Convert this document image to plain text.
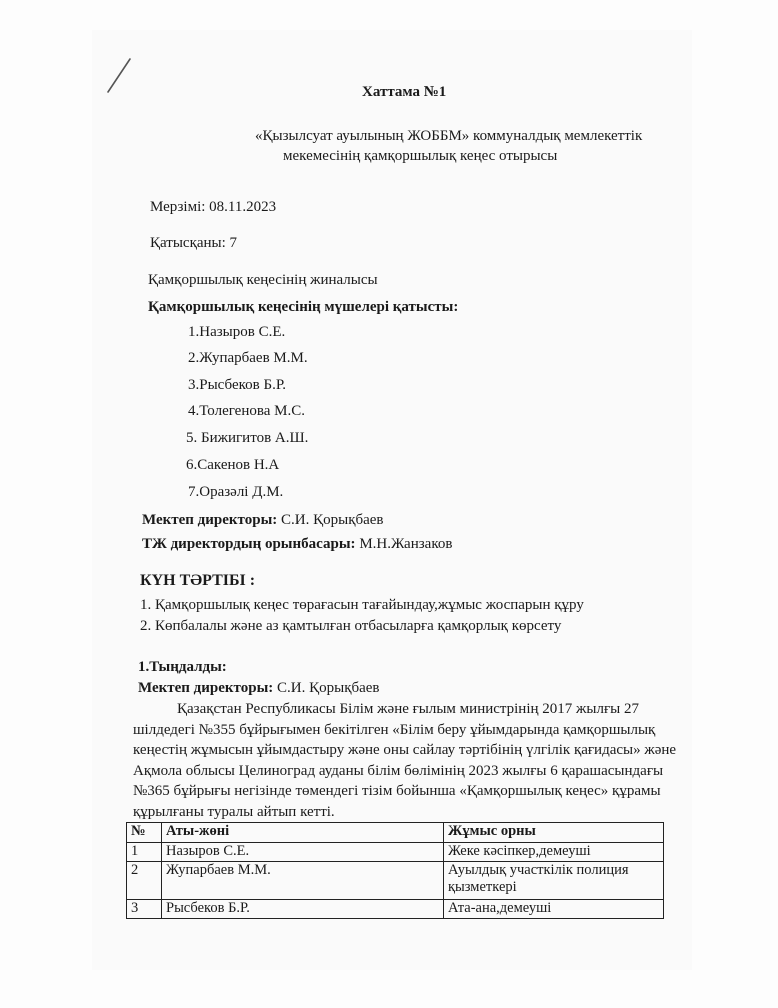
Хаттама №1
«Қызылсуат ауылының ЖОББМ» коммуналдық мемлекеттік
мекемесінің қамқоршылық кеңес отырысы
Мерзімі: 08.11.2023
Қатысқаны: 7
Қамқоршылық кеңесінің жиналысы
Қамқоршылық кеңесінің мүшелері қатысты:
1.Назыров С.Е.
2.Жупарбаев М.М.
3.Рысбеков Б.Р.
4.Толегенова М.С.
5. Бижигитов А.Ш.
6.Сакенов Н.А
7.Оразәлі Д.М.
Мектеп директоры: С.И. Қорықбаев
ТЖ директордың орынбасары: М.Н.Жанзаков
КҮН ТӘРТІБІ :
1. Қамқоршылық кеңес төрағасын тағайындау,жұмыс жоспарын құру
2. Көпбалалы және аз қамтылған отбасыларға қамқорлық көрсету
1.Тыңдалды:
Мектеп директоры: С.И. Қорықбаев
Қазақстан Республикасы Білім және ғылым министрінің 2017 жылғы 27
шілдедегі №355 бұйрығымен бекітілген «Білім беру ұйымдарында қамқоршылық
кеңестің жұмысын ұйымдастыру және оны сайлау тәртібінің үлгілік қағидасы» және
Ақмола облысы Целиноград ауданы білім бөлімінің 2023 жылғы 6 қарашасындағы
№365 бұйрығы негізінде төмендегі тізім бойынша «Қамқоршылық кеңес» құрамы
құрылғаны туралы айтып кетті.
№	Аты-жөні	Жұмыс орны
1	Назыров С.Е.	Жеке кәсіпкер,демеуші
2	Жупарбаев М.М.	Ауылдық участкілік полиция қызметкері
3	Рысбеков Б.Р.	Ата-ана,демеуші
